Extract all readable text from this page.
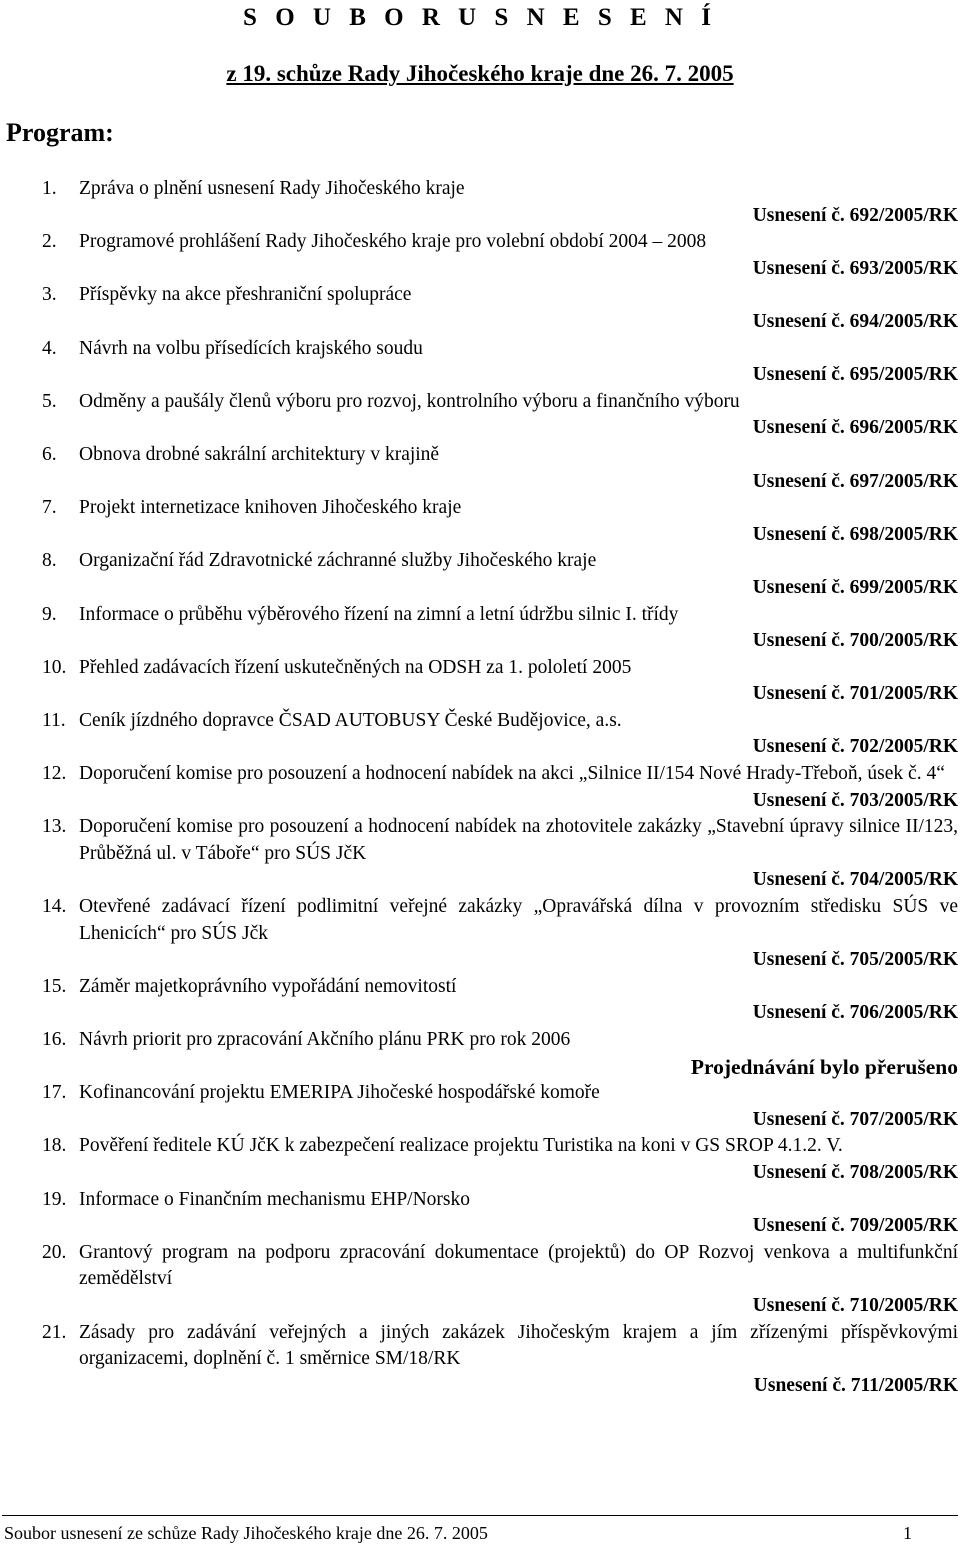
S O U B O R U S N E S E N Í
z 19. schůze Rady Jihočeského kraje dne 26. 7. 2005
Program:
1.	Zpráva o plnění usnesení Rady Jihočeského kraje
Usnesení č. 692/2005/RK
2.	Programové prohlášení Rady Jihočeského kraje pro volební období 2004 – 2008
Usnesení č. 693/2005/RK
3.	Příspěvky na akce přeshraniční spolupráce
Usnesení č. 694/2005/RK
4.	Návrh na volbu přísedících krajského soudu
Usnesení č. 695/2005/RK
5.	Odměny a paušály členů výboru pro rozvoj, kontrolního výboru a finančního výboru
Usnesení č. 696/2005/RK
6.	Obnova drobné sakrální architektury v krajině
Usnesení č. 697/2005/RK
7.	Projekt internetizace knihoven Jihočeského kraje
Usnesení č. 698/2005/RK
8.	Organizační řád Zdravotnické záchranné služby Jihočeského kraje
Usnesení č. 699/2005/RK
9.	Informace o průběhu výběrového řízení na zimní a letní údržbu silnic I. třídy
Usnesení č. 700/2005/RK
10. Přehled zadávacích řízení uskutečněných na ODSH za 1. pololetí 2005
Usnesení č. 701/2005/RK
11. Ceník jízdného dopravce ČSAD AUTOBUSY České Budějovice, a.s.
Usnesení č. 702/2005/RK
12. Doporučení komise pro posouzení a hodnocení nabídek na akci „Silnice II/154 Nové Hrady-Třeboň, úsek č. 4“
Usnesení č. 703/2005/RK
13. Doporučení komise pro posouzení a hodnocení nabídek na zhotovitele zakázky „Stavební úpravy silnice II/123, Průběžná ul. v Táboře“ pro SÚS JčK
Usnesení č. 704/2005/RK
14. Otevřené zadávací řízení podlimitní veřejné zakázky „Opravářská dílna v provozním středisku SÚS ve Lhenicích“ pro SÚS Jčk
Usnesení č. 705/2005/RK
15. Záměr majetkoprávního vypořádání nemovitostí
Usnesení č. 706/2005/RK
16. Návrh priorit pro zpracování Akčního plánu PRK pro rok 2006
Projednávání bylo přerušeno
17. Kofinancování projektu EMERIPA Jihočeské hospodářské komoře
Usnesení č. 707/2005/RK
18. Pověření ředitele KÚ JčK k zabezpečení realizace projektu Turistika na koni v GS SROP 4.1.2. V.
Usnesení č. 708/2005/RK
19. Informace o Finančním mechanismu EHP/Norsko
Usnesení č. 709/2005/RK
20. Grantový program na podporu zpracování dokumentace (projektů) do OP Rozvoj venkova a multifunkční zemědělství
Usnesení č. 710/2005/RK
21. Zásady pro zadávání veřejných a jiných zakázek Jihočeským krajem a jím zřízenými příspěvkovými organizacemi, doplnění č. 1 směrnice SM/18/RK
Usnesení č. 711/2005/RK
Soubor usnesení ze schůze Rady Jihočeského kraje dne 26. 7. 2005	1
